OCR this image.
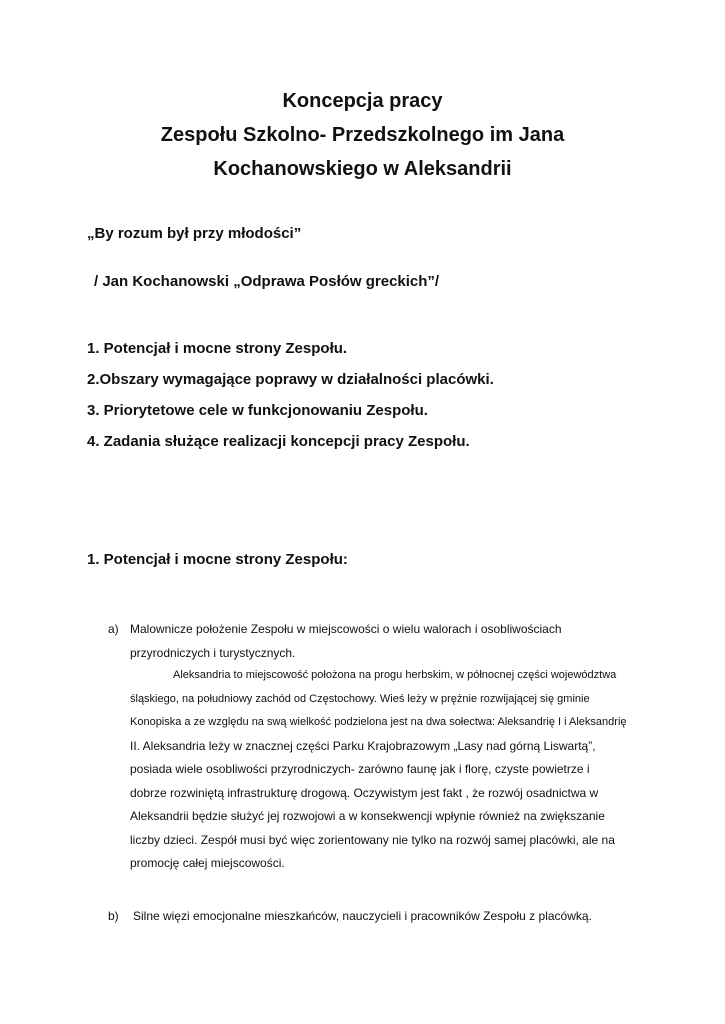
Koncepcja pracy
Zespołu Szkolno- Przedszkolnego im Jana
Kochanowskiego w Aleksandrii
„By rozum był przy młodości”
/ Jan Kochanowski „Odprawa Posłów greckich”/
1. Potencjał i mocne strony Zespołu.
2.Obszary wymagające poprawy w działalności placówki.
3. Priorytetowe cele w funkcjonowaniu Zespołu.
4. Zadania służące realizacji koncepcji pracy Zespołu.
1. Potencjał i mocne strony Zespołu:
a) Malownicze położenie Zespołu w miejscowości o wielu walorach i osobliwościach
przyrodniczych i turystycznych.
Aleksandria to miejscowość położona na progu herbskim, w północnej części województwa
śląskiego, na południowy zachód od Częstochowy. Wieś leży w prężnie rozwijającej się gminie
Konopiska a ze względu na swą wielkość podzielona jest na dwa sołectwa: Aleksandrię I i Aleksandrię
II. Aleksandria leży w znacznej części Parku Krajobrazowym „Lasy nad górną Liswartą”,
posiada wiele osobliwości przyrodniczych- zarówno faunę jak i florę, czyste powietrze i
dobrze rozwiniętą infrastrukturę drogową. Oczywistym jest fakt , że rozwój osadnictwa w
Aleksandrii będzie służyć jej rozwojowi a w konsekwencji wpłynie również na zwiększanie
liczby dzieci. Zespół musi być więc zorientowany nie tylko na rozwój samej placówki, ale na
promocję całej miejscowości.
b) Silne więzi emocjonalne mieszkańców, nauczycieli i pracowników Zespołu z placówką.
